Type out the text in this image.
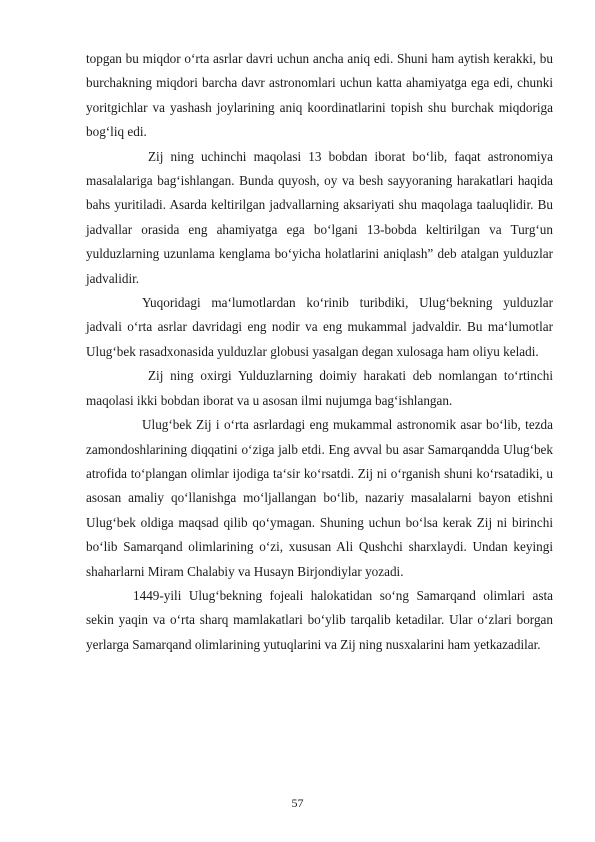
topgan bu miqdor o‘rta asrlar davri uchun ancha aniq edi. Shuni ham aytish kerakki, bu burchakning miqdori barcha davr astronomlari uchun katta ahamiyatga ega edi, chunki yoritgichlar va yashash joylarining aniq koordinatlarini topish shu burchak miqdoriga bog‘liq edi.

Zij ning uchinchi maqolasi 13 bobdan iborat bo‘lib, faqat astronomiya masalalariga bag‘ishlangan. Bunda quyosh, oy va besh sayyoraning harakatlari haqida bahs yuritiladi. Asarda keltirilgan jadvallarning aksariyati shu maqolaga taaluqlidir. Bu jadvallar orasida eng ahamiyatga ega bo‘lgani 13-bobda keltirilgan va Turg‘un yulduzlarning uzunlama kenglama bo‘yicha holatlarini aniqlash” deb atalgan yulduzlar jadvalidir.

Yuqoridagi ma‘lumotlardan ko‘rinib turibdiki, Ulug‘bekning yulduzlar jadvali o‘rta asrlar davridagi eng nodir va eng mukammal jadvaldir. Bu ma‘lumotlar Ulug‘bek rasadxonasida yulduzlar globusi yasalgan degan xulosaga ham oliyu keladi.

Zij ning oxirgi Yulduzlarning doimiy harakati deb nomlangan to‘rtinchi maqolasi ikki bobdan iborat va u asosan ilmi nujumga bag‘ishlangan.

Ulug‘bek Zij i o‘rta asrlardagi eng mukammal astronomik asar bo‘lib, tezda zamondoshlarining diqqatini o‘ziga jalb etdi. Eng avval bu asar Samarqandda Ulug‘bek atrofida to‘plangan olimlar ijodiga ta‘sir ko‘rsatdi. Zij ni o‘rganish shuni ko‘rsatadiki, u asosan amaliy qo‘llanishga mo‘ljallangan bo‘lib, nazariy masalalarni bayon etishni Ulug‘bek oldiga maqsad qilib qo‘ymagan. Shuning uchun bo‘lsa kerak Zij ni birinchi bo‘lib Samarqand olimlarining o‘zi, xususan Ali Qushchi sharxlaydi. Undan keyingi shaharlarni Miram Chalabiy va Husayn Birjondiylar yozadi.

1449-yili Ulug‘bekning fojeali halokatidan so‘ng Samarqand olimlari asta sekin yaqin va o‘rta sharq mamlakatlari bo‘ylib tarqalib ketadilar. Ular o‘zlari borgan yerlarga Samarqand olimlarining yutuqlarini va Zij ning nusxalarini ham yetkazadilar.

57
